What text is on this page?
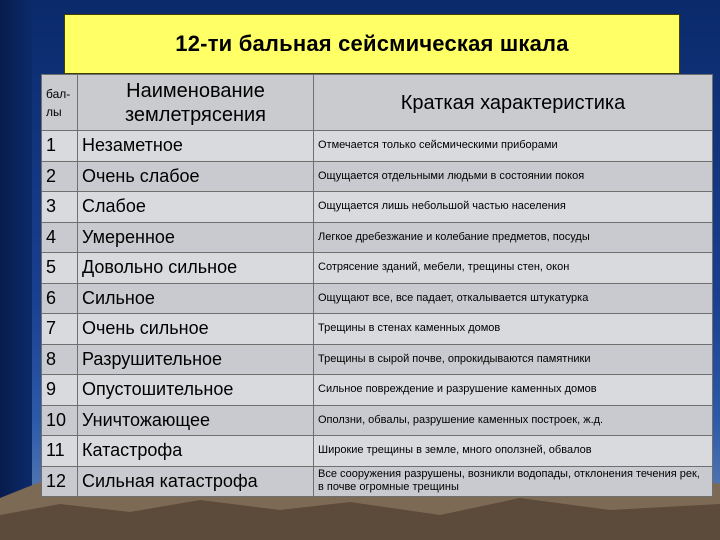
12-ти бальная сейсмическая шкала
бал-
лы	Наименование землетрясения	Краткая характеристика
1	Незаметное	Отмечается только сейсмическими приборами
2	Очень слабое	Ощущается отдельными людьми в состоянии покоя
3	Слабое	Ощущается лишь небольшой частью населения
4	Умеренное	Легкое дребезжание и колебание предметов, посуды
5	Довольно сильное	Сотрясение зданий, мебели, трещины стен, окон
6	Сильное	Ощущают все, все падает, откалывается штукатурка
7	Очень сильное	Трещины в стенах каменных домов
8	Разрушительное	Трещины в сырой почве, опрокидываются памятники
9	Опустошительное	Сильное повреждение и разрушение каменных домов
10	Уничтожающее	Оползни, обвалы, разрушение каменных построек, ж.д.
11	Катастрофа	Широкие трещины в земле, много оползней, обвалов
12	Сильная катастрофа	Все сооружения разрушены, возникли водопады, отклонения течения рек, в почве огромные трещины
